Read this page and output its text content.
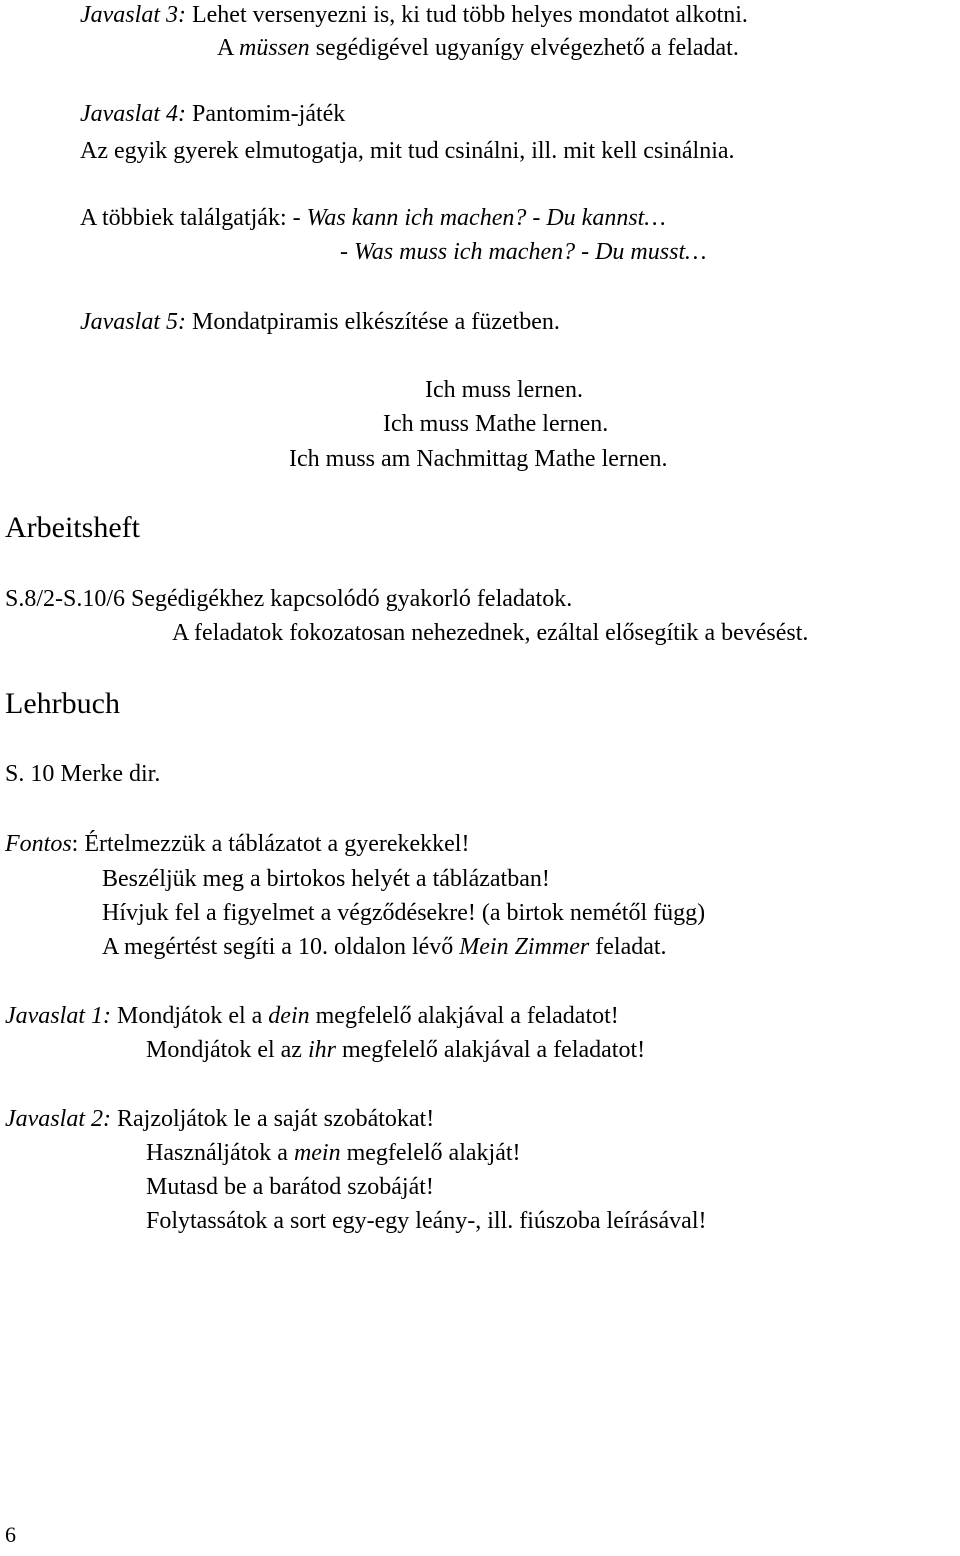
Javaslat 3: Lehet versenyezni is, ki tud több helyes mondatot alkotni.
A müssen segédigével ugyanígy elvégezhető a feladat.
Javaslat 4: Pantomim-játék
Az egyik gyerek elmutogatja, mit tud csinálni, ill. mit kell csinálnia.
A többiek találgatják: - Was kann ich machen? - Du kannst…
- Was muss ich machen? - Du musst…
Javaslat 5: Mondatpiramis elkészítése a füzetben.
Ich muss lernen.
Ich muss Mathe lernen.
Ich muss am Nachmittag Mathe lernen.
Arbeitsheft
S.8/2-S.10/6 Segédigékhez kapcsolódó gyakorló feladatok.
A feladatok fokozatosan nehezednek, ezáltal elősegítik a bevésést.
Lehrbuch
S. 10 Merke dir.
Fontos: Értelmezzük a táblázatot a gyerekekkel!
Beszéljük meg a birtokos helyét a táblázatban!
Hívjuk fel a figyelmet a végződésekre! (a birtok nemétől függ)
A megértést segíti a 10. oldalon lévő Mein Zimmer feladat.
Javaslat 1: Mondjátok el a dein megfelelő alakjával a feladatot!
Mondjátok el az ihr megfelelő alakjával a feladatot!
Javaslat 2: Rajzoljátok le a saját szobátokat!
Használjátok a mein megfelelő alakját!
Mutasd be a barátod szobáját!
Folytassátok a sort egy-egy leány-, ill. fiúszoba leírásával!
6
